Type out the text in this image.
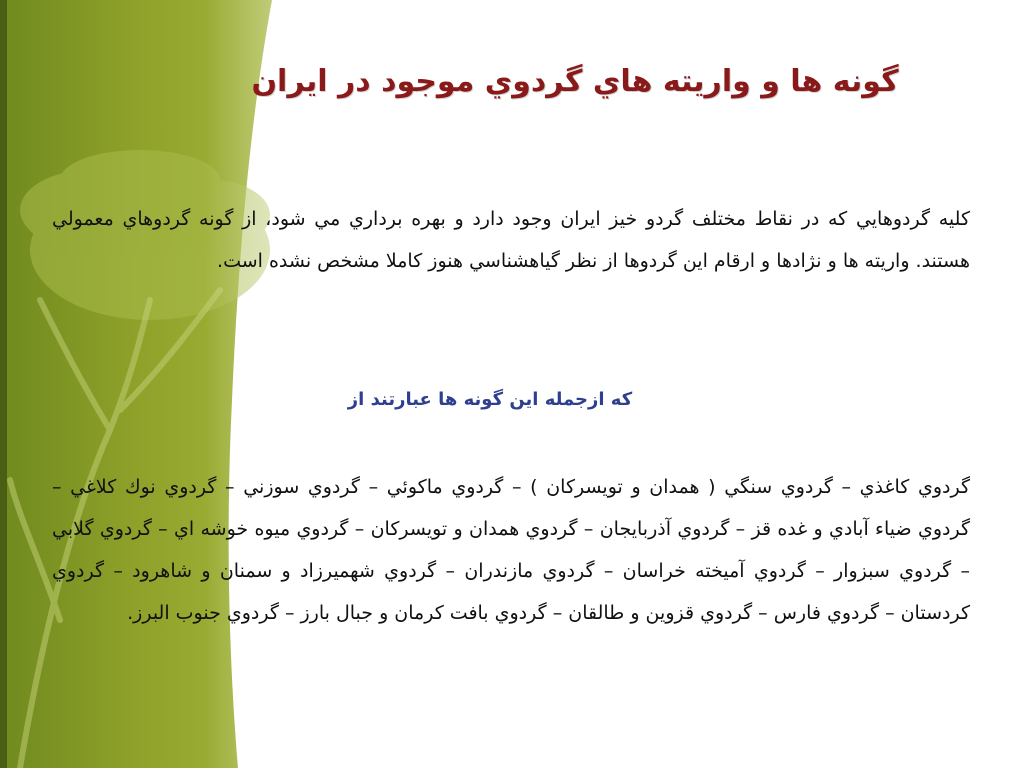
گونه ها و واريته هاي گردوي موجود در ايران

كليه گردوهايي كه در نقاط مختلف گردو خيز ايران وجود دارد و بهره برداري مي شود، از گونه گردوهاي معمولي هستند. واريته ها و نژادها و ارقام اين گردوها از نظر گياهشناسي هنوز كاملا مشخص نشده است.

كه ازجمله اين گونه ها عبارتند از

گردوي كاغذي – گردوي سنگي ( همدان و تويسركان ) – گردوي ماكوئي – گردوي سوزني – گردوي نوك كلاغي – گردوي ضياء آبادي و غده قز – گردوي آذربايجان – گردوي همدان و تويسركان – گردوي ميوه خوشه اي – گردوي گلابي – گردوي سبزوار – گردوي آميخته خراسان – گردوي مازندران – گردوي شهميرزاد و سمنان و شاهرود – گردوي كردستان – گردوي فارس – گردوي قزوين و طالقان – گردوي بافت كرمان و جبال بارز – گردوي جنوب البرز.
